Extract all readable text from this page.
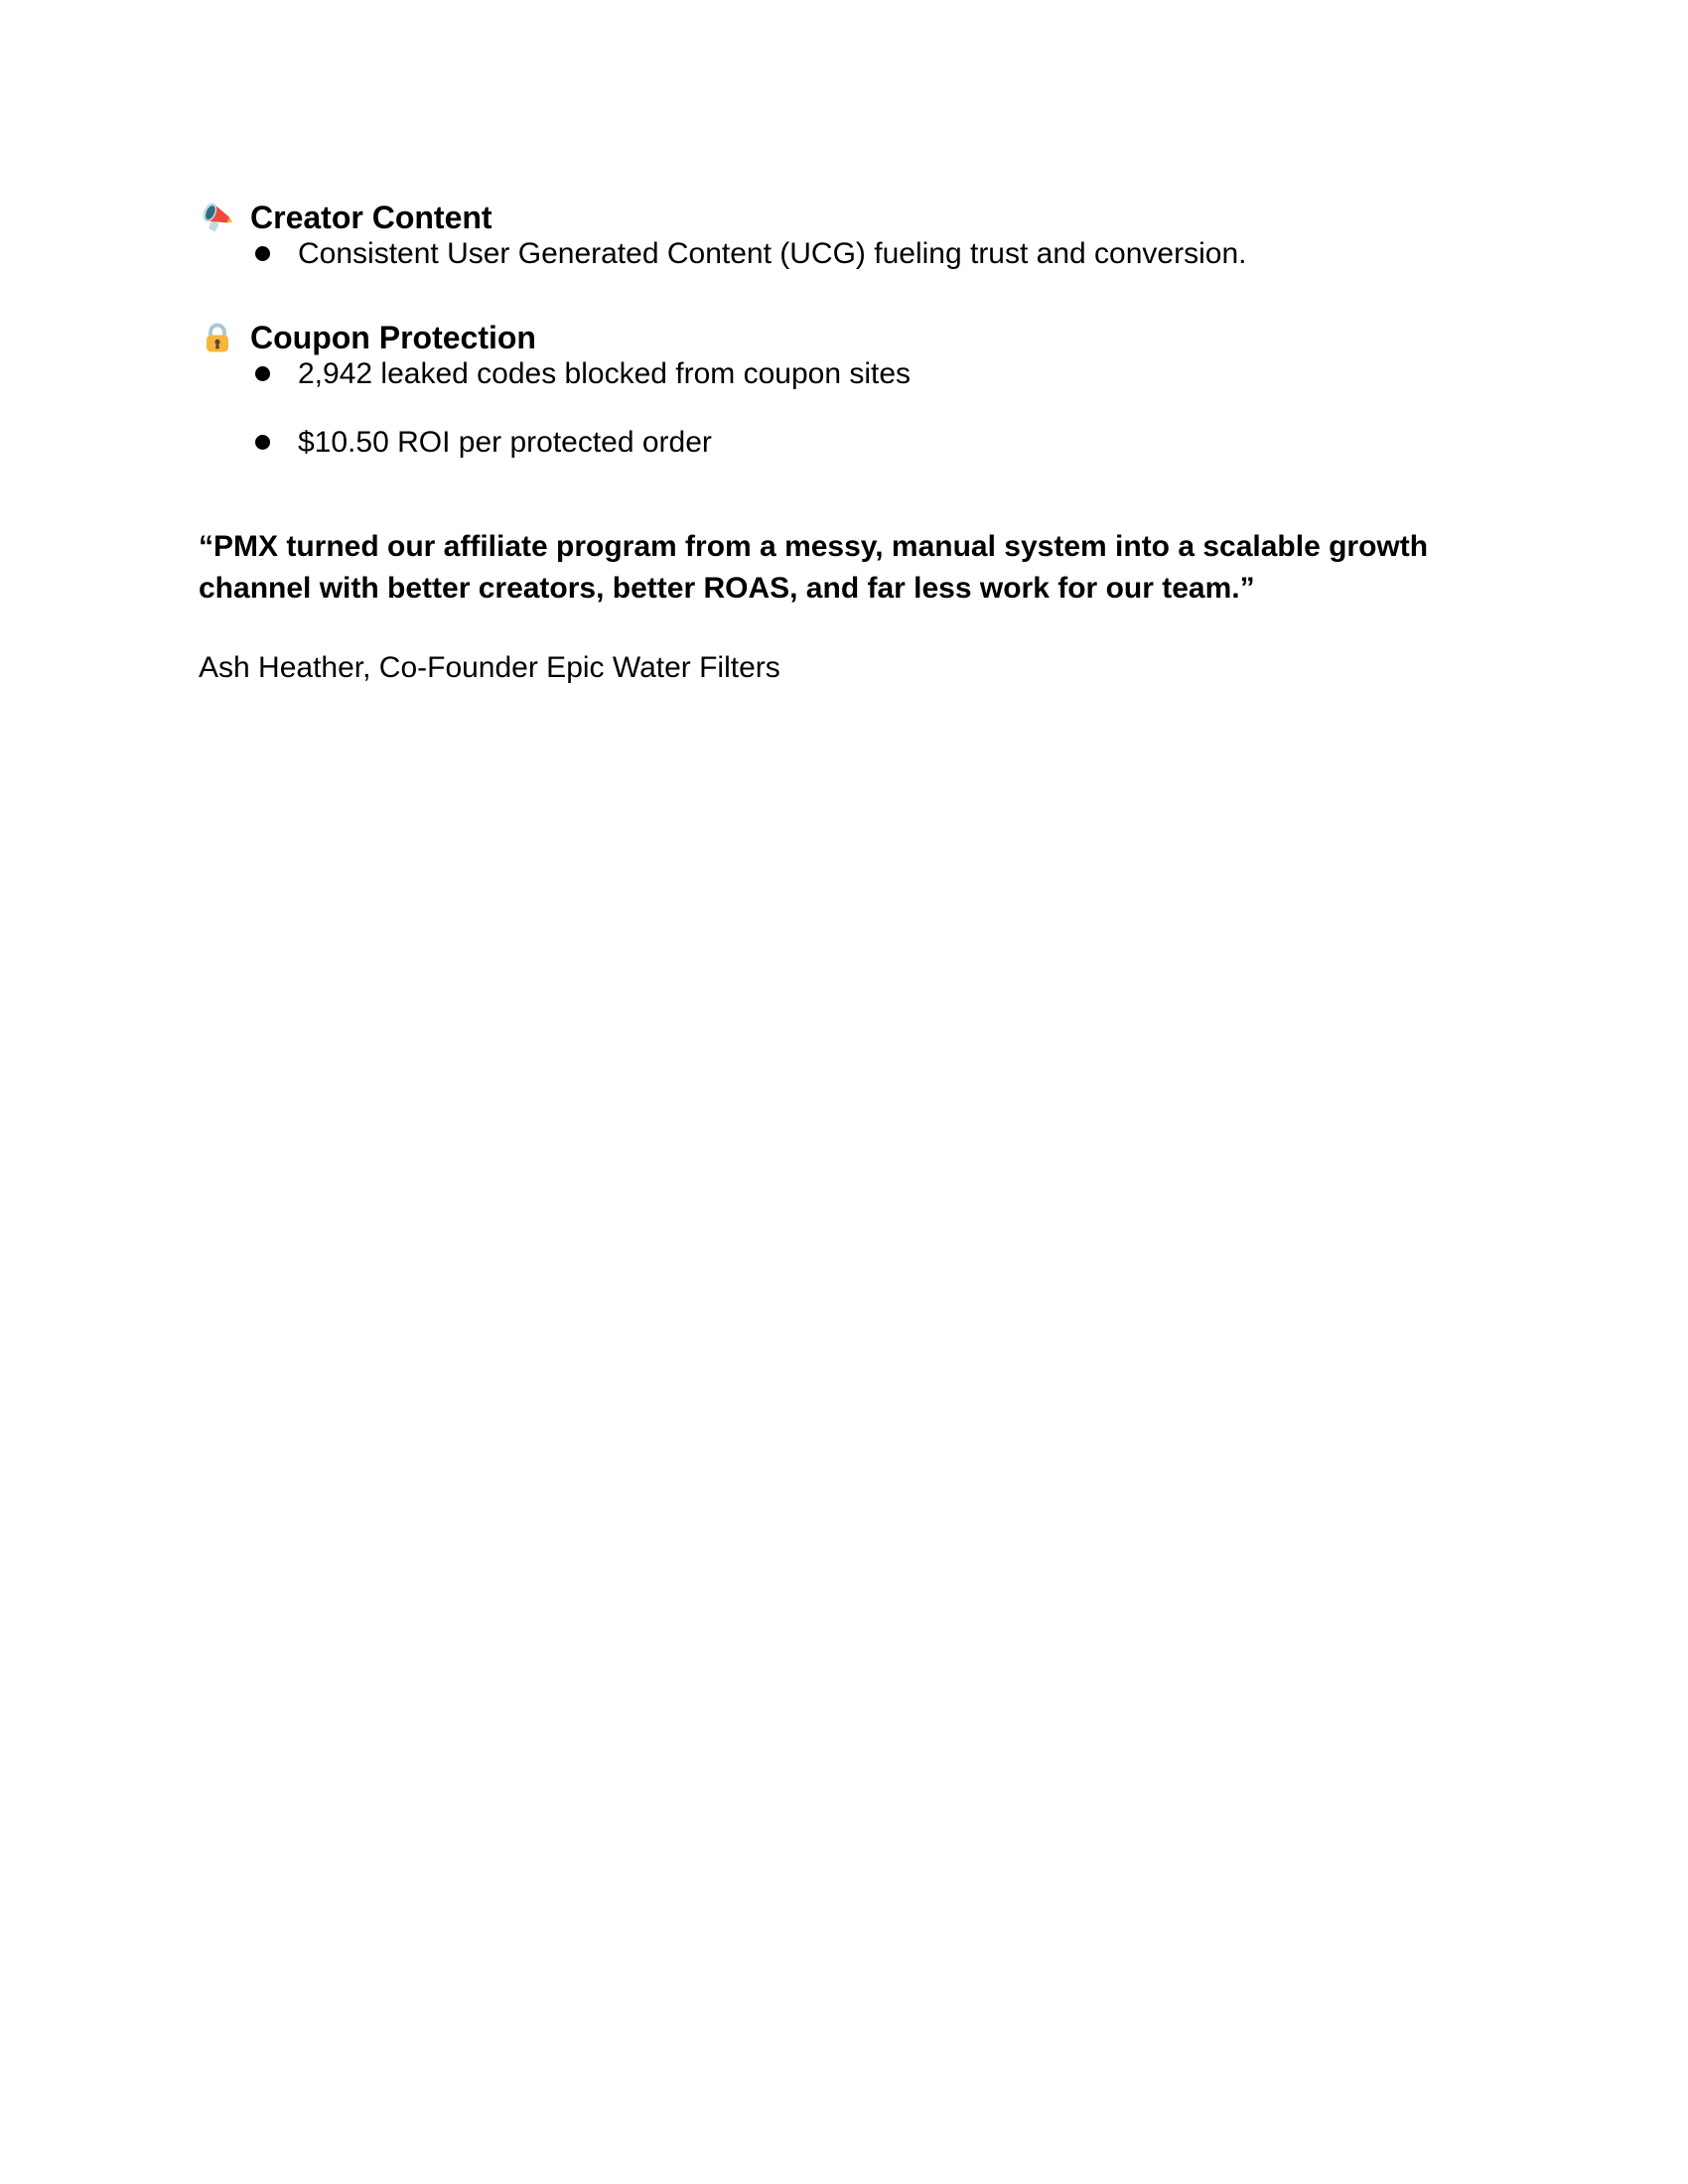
Creator Content
Consistent User Generated Content (UCG) fueling trust and conversion.
Coupon Protection
2,942 leaked codes blocked from coupon sites
$10.50 ROI per protected order

“PMX turned our affiliate program from a messy, manual system into a scalable growth channel with better creators, better ROAS, and far less work for our team.”

Ash Heather, Co-Founder Epic Water Filters
